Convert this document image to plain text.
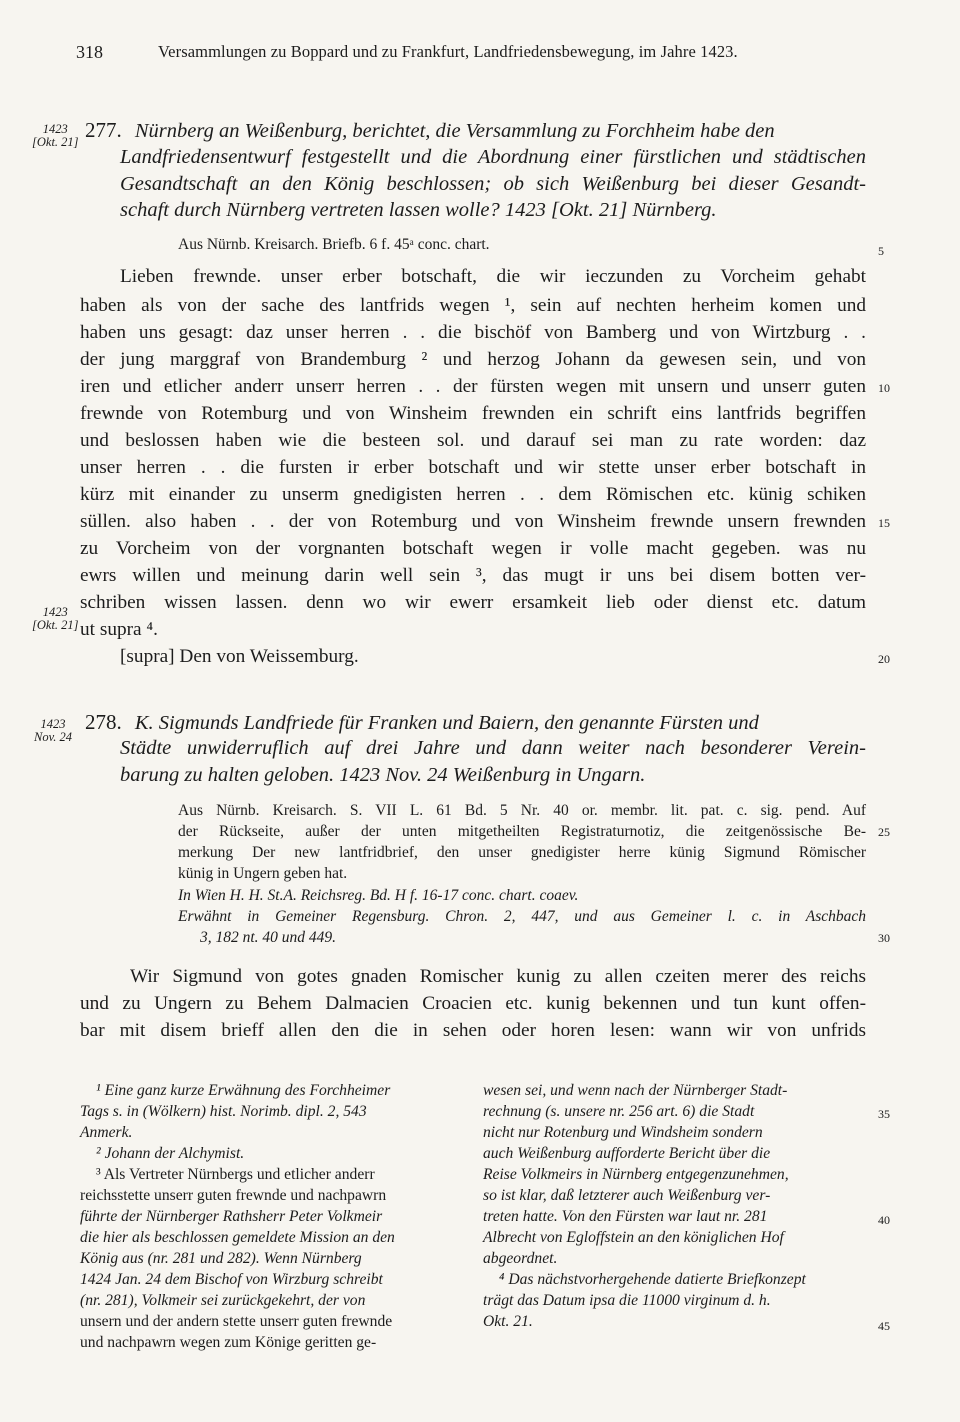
318	Versammlungen zu Boppard und zu Frankfurt, Landfriedensbewegung, im Jahre 1423.
1423
[Okt. 21] 277. Nürnberg an Weißenburg, berichtet, die Versammlung zu Forchheim habe den
Landfriedensentwurf festgestellt und die Abordnung einer fürstlichen und städtischen
Gesandtschaft an den König beschlossen; ob sich Weißenburg bei dieser Gesandt-
schaft durch Nürnberg vertreten lassen wolle? 1423 [Okt. 21] Nürnberg.
Aus Nürnb. Kreisarch. Briefb. 6 f. 45ᵃ conc. chart.
Lieben frewnde. unser erber botschaft, die wir ieczunden zu Vorcheim gehabt
haben als von der sache des lantfrids wegen ¹, sein auf nechten herheim komen und
haben uns gesagt: daz unser herren . . die bischöf von Bamberg und von Wirtzburg . .
der jung marggraf von Brandemburg ² und herzog Johann da gewesen sein, und von
iren und etlicher anderr unserr herren . . der fürsten wegen mit unsern und unserr guten
frewnde von Rotemburg und von Winsheim frewnden ein schrift eins lantfrids begriffen
und beslossen haben wie die besteen sol. und darauf sei man zu rate worden: daz
unser herren . . die fursten ir erber botschaft und wir stette unser erber botschaft in
kürz mit einander zu unserm gnedigisten herren . . dem Römischen etc. künig schiken
süllen. also haben . . der von Rotemburg und von Winsheim frewnde unsern frewnden
zu Vorcheim von der vorgnanten botschaft wegen ir volle macht gegeben. was nu
ewrs willen und meinung darin well sein ³, das mugt ir uns bei disem botten ver-
schriben wissen lassen. denn wo wir ewerr ersamkeit lieb oder dienst etc. datum
ut supra ⁴.
[supra] Den von Weissemburg.
1423
[Okt. 21]
1423
Nov. 24
278. K. Sigmunds Landfriede für Franken und Baiern, den genannte Fürsten und
Städte unwiderruflich auf drei Jahre und dann weiter nach besonderer Verein-
barung zu halten geloben. 1423 Nov. 24 Weißenburg in Ungarn.
Aus Nürnb. Kreisarch. S. VII L. 61 Bd. 5 Nr. 40 or. membr. lit. pat. c. sig. pend. Auf
der Rückseite, außer der unten mitgetheilten Registraturnotiz, die zeitgenössische Be-
merkung Der new lantfridbrief, den unser gnedigister herre künig Sigmund Römischer
künig in Ungern geben hat.
In Wien H. H. St.A. Reichsreg. Bd. H f. 16-17 conc. chart. coaev.
Erwähnt in Gemeiner Regensburg. Chron. 2, 447, und aus Gemeiner l. c. in Aschbach
3, 182 nt. 40 und 449.
Wir Sigmund von gotes gnaden Romischer kunig zu allen czeiten merer des reichs
und zu Ungern zu Behem Dalmacien Croacien etc. kunig bekennen und tun kunt offen-
bar mit disem brieff allen den die in sehen oder horen lesen: wann wir von unfrids
5
10
15
20
25
30
35
40
45
¹ Eine ganz kurze Erwähnung des Forchheimer
Tags s. in (Wölkern) hist. Norimb. dipl. 2, 543
Anmerk.
² Johann der Alchymist.
³ Als Vertreter Nürnbergs und etlicher anderr
reichsstette unserr guten frewnde und nachpawrn
führte der Nürnberger Rathsherr Peter Volkmeir
die hier als beschlossen gemeldete Mission an den
König aus (nr. 281 und 282). Wenn Nürnberg
1424 Jan. 24 dem Bischof von Wirzburg schreibt
(nr. 281), Volkmeir sei zurückgekehrt, der von
unsern und der andern stette unserr guten frewnde
und nachpawrn wegen zum Könige geritten ge-
wesen sei, und wenn nach der Nürnberger Stadt-
rechnung (s. unsere nr. 256 art. 6) die Stadt
nicht nur Rotenburg und Windsheim sondern
auch Weißenburg aufforderte Bericht über die
Reise Volkmeirs in Nürnberg entgegenzunehmen,
so ist klar, daß letzterer auch Weißenburg ver-
treten hatte. Von den Fürsten war laut nr. 281
Albrecht von Egloffstein an den königlichen Hof
abgeordnet.
⁴ Das nächstvorhergehende datierte Briefkonzept
trägt das Datum ipsa die 11000 virginum d. h.
Okt. 21.
